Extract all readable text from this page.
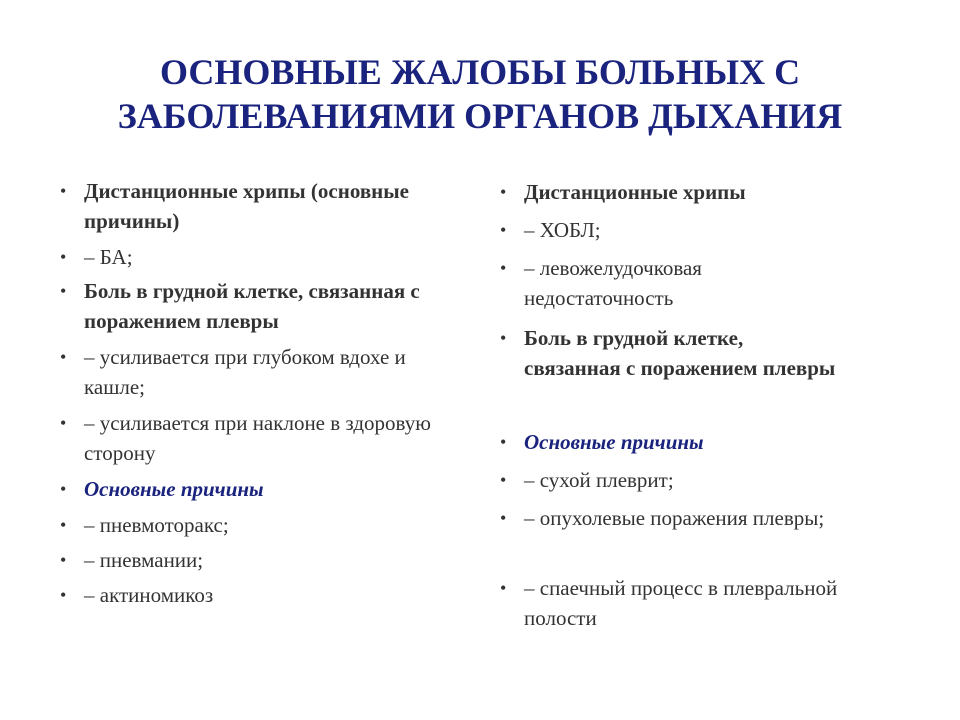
ОСНОВНЫЕ ЖАЛОБЫ БОЛЬНЫХ С
ЗАБОЛЕВАНИЯМИ ОРГАНОВ ДЫХАНИЯ
• Дистанционные хрипы (основные причины)
• – БА;
• Боль в грудной клетке, связанная с поражением плевры
• – усиливается при глубоком вдохе и кашле;
• – усиливается при наклоне в здоровую сторону
• Основные причины
• – пневмоторакс;
• – пневмании;
• – актиномикоз
• Дистанционные хрипы
• – ХОБЛ;
• – левожелудочковая недостаточность
• Боль в грудной клетке, связанная с поражением плевры
• Основные причины
• – сухой плеврит;
• – опухолевые поражения плевры;
• – спаечный процесс в плевральной полости
